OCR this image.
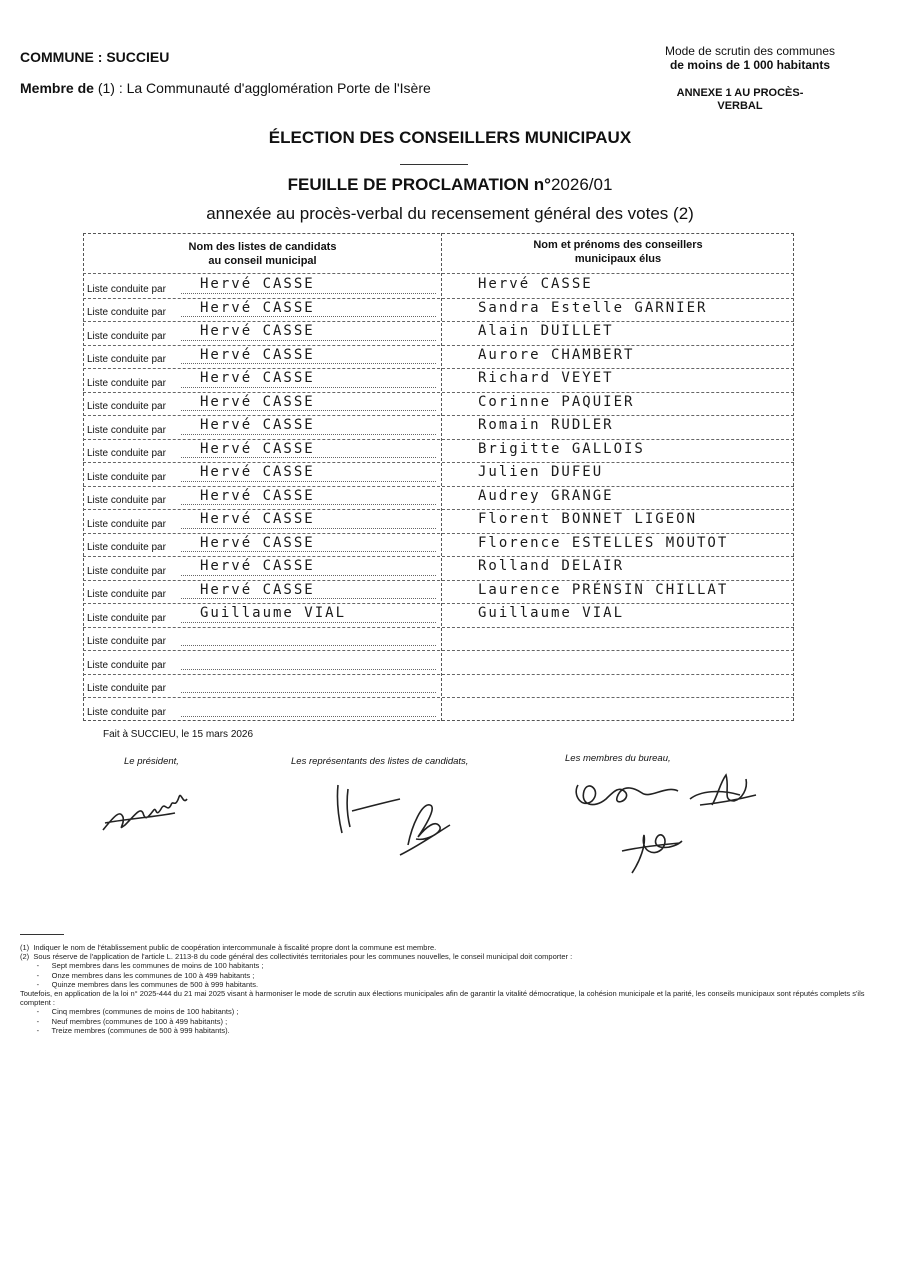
COMMUNE : SUCCIEU
Membre de (1) : La Communauté d'agglomération Porte de l'Isère
Mode de scrutin des communes
de moins de 1 000 habitants
ANNEXE 1 AU PROCÈS-
VERBAL
ÉLECTION DES CONSEILLERS MUNICIPAUX
FEUILLE DE PROCLAMATION n°2026/01
annexée au procès-verbal du recensement général des votes (2)
Nom des listes de candidats
au conseil municipal
Nom et prénoms des conseillers
municipaux élus
Fait à SUCCIEU, le 15 mars 2026
Le président,	Les représentants des listes de candidats,	Les membres du bureau,
(1)  Indiquer le nom de l'établissement public de coopération intercommunale à fiscalité propre dont la commune est membre.
(2)  Sous réserve de l'application de l'article L. 2113-8 du code général des collectivités territoriales pour les communes nouvelles, le conseil municipal doit comporter :
-      Sept membres dans les communes de moins de 100 habitants ;
-      Onze membres dans les communes de 100 à 499 habitants ;
-      Quinze membres dans les communes de 500 à 999 habitants.
Toutefois, en application de la loi n° 2025-444 du 21 mai 2025 visant à harmoniser le mode de scrutin aux élections municipales afin de garantir la vitalité démocratique, la cohésion municipale et la parité, les conseils municipaux sont réputés complets s'ils comptent :
-      Cinq membres (communes de moins de 100 habitants) ;
-      Neuf membres (communes de 100 à 499 habitants) ;
-      Treize membres (communes de 500 à 999 habitants).
Liste conduite par Hervé CASSE	Hervé CASSE
Liste conduite par Hervé CASSE	Sandra Estelle GARNIER
Liste conduite par Hervé CASSE	Alain DUILLET
Liste conduite par Hervé CASSE	Aurore CHAMBERT
Liste conduite par Hervé CASSE	Richard VEYET
Liste conduite par Hervé CASSE	Corinne PAQUIER
Liste conduite par Hervé CASSE	Romain RUDLER
Liste conduite par Hervé CASSE	Brigitte GALLOIS
Liste conduite par Hervé CASSE	Julien DUFEU
Liste conduite par Hervé CASSE	Audrey GRANGE
Liste conduite par Hervé CASSE	Florent BONNET LIGEON
Liste conduite par Hervé CASSE	Florence ESTELLES MOUTOT
Liste conduite par Hervé CASSE	Rolland DELAIR
Liste conduite par Hervé CASSE	Laurence PRÉNSIN CHILLAT
Liste conduite par Guillaume VIAL	Guillaume VIAL
Liste conduite par
Liste conduite par
Liste conduite par
Liste conduite par
